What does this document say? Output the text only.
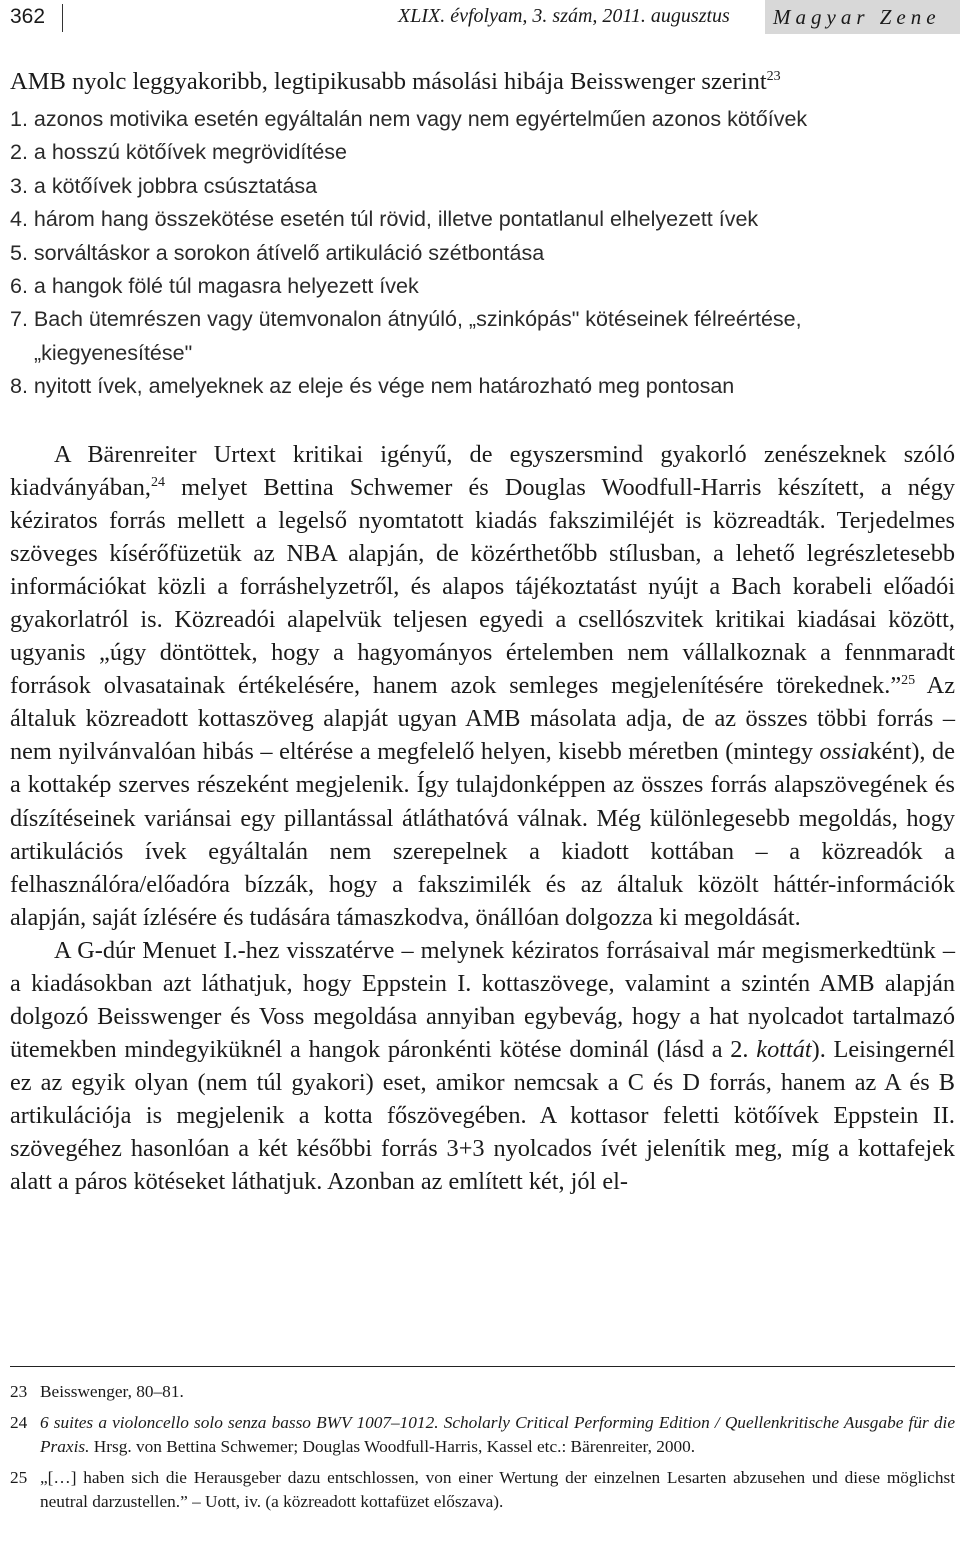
362	XLIX. évfolyam, 3. szám, 2011. augusztus	Magyar Zene
AMB nyolc leggyakoribb, legtipikusabb másolási hibája Beisswenger szerint$^{23}$
1. azonos motivika esetén egyáltalán nem vagy nem egyértelműen azonos kötőívek
2. a hosszú kötőívek megrövidítése
3. a kötőívek jobbra csúsztatása
4. három hang összekötése esetén túl rövid, illetve pontatlanul elhelyezett ívek
5. sorváltáskor a sorokon átívelő artikuláció szétbontása
6. a hangok fölé túl magasra helyezett ívek
7. Bach ütemrészen vagy ütemvonalon átnyúló, „szinkópás" kötéseinek félreértése,
„kiegyenesítése"
8. nyitott ívek, amelyeknek az eleje és vége nem határozható meg pontosan

A Bärenreiter Urtext kritikai igényű, de egyszersmind gyakorló zenészeknek szóló kiadványában,$^{24}$ melyet Bettina Schwemer és Douglas Woodfull-Harris készített, a négy kéziratos forrás mellett a legelső nyomtatott kiadás fakszimiléjét is közreadták. Terjedelmes szöveges kísérőfüzetük az NBA alapján, de közérthetőbb stílusban, a lehető legrészletesebb információkat közli a forráshelyzetről, és alapos tájékoztatást nyújt a Bach korabeli előadói gyakorlatról is. Közreadói alapelvük teljesen egyedi a csellószvitek kritikai kiadásai között, ugyanis „úgy döntöttek, hogy a hagyományos értelemben nem vállalkoznak a fennmaradt források olvasatainak értékelésére, hanem azok semleges megjelenítésére törekednek.”$^{25}$ Az általuk közreadott kottaszöveg alapját ugyan AMB másolata adja, de az összes többi forrás – nem nyilvánvalóan hibás – eltérése a megfelelő helyen, kisebb méretben (mintegy ossiaként), de a kottakép szerves részeként megjelenik. Így tulajdonképpen az összes forrás alapszövegének és díszítéseinek variánsai egy pillantással átláthatóvá válnak. Még különlegesebb megoldás, hogy artikulációs ívek egyáltalán nem szerepelnek a kiadott kottában – a közreadók a felhasználóra/előadóra bízzák, hogy a fakszimilék és az általuk közölt háttér-információk alapján, saját ízlésére és tudására támaszkodva, önállóan dolgozza ki megoldását.

A G-dúr Menuet I.-hez visszatérve – melynek kéziratos forrásaival már megismerkedtünk – a kiadásokban azt láthatjuk, hogy Eppstein I. kottaszövege, valamint a szintén AMB alapján dolgozó Beisswenger és Voss megoldása annyiban egybevág, hogy a hat nyolcadot tartalmazó ütemekben mindegyiküknél a hangok páronkénti kötése dominál (lásd a 2. kottát). Leisingernél ez az egyik olyan (nem túl gyakori) eset, amikor nemcsak a C és D forrás, hanem az A és B artikulációja is megjelenik a kotta főszövegében. A kottasor feletti kötőívek Eppstein II. szövegéhez hasonlóan a két későbbi forrás 3+3 nyolcados ívét jelenítik meg, míg a kottafejek alatt a páros kötéseket láthatjuk. Azonban az említett két, jól el-

23 Beisswenger, 80–81.
24 6 suites a violoncello solo senza basso BWV 1007–1012. Scholarly Critical Performing Edition / Quellenkritische Ausgabe für die Praxis. Hrsg. von Bettina Schwemer; Douglas Woodfull-Harris, Kassel etc.: Bärenreiter, 2000.
25 „[…] haben sich die Herausgeber dazu entschlossen, von einer Wertung der einzelnen Lesarten abzusehen und diese möglichst neutral darzustellen.” – Uott, iv. (a közreadott kottafüzet előszava).
